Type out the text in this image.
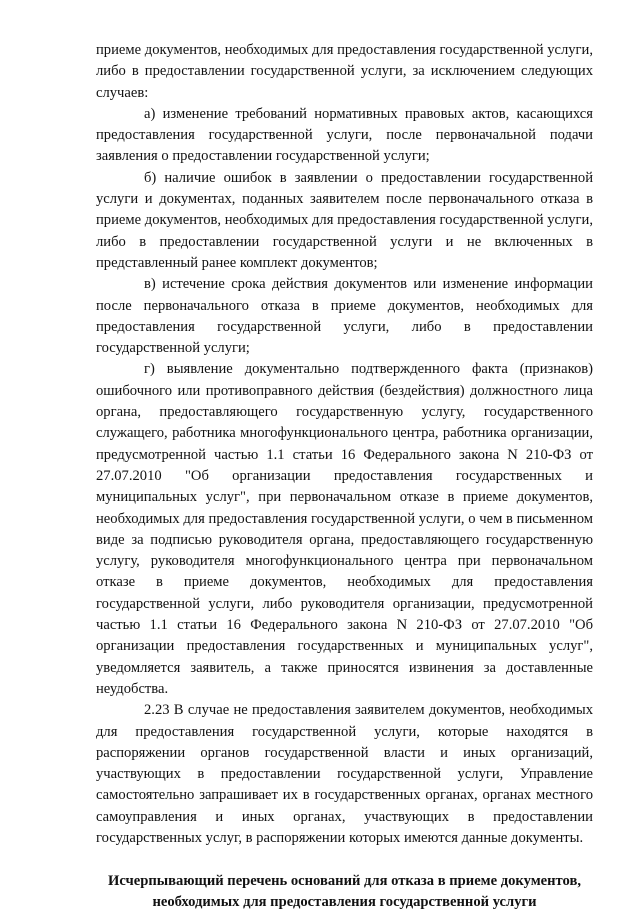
приеме документов, необходимых для предоставления государственной услуги, либо в предоставлении государственной услуги, за исключением следующих случаев:

а) изменение требований нормативных правовых актов, касающихся предоставления государственной услуги, после первоначальной подачи заявления о предоставлении государственной услуги;

б) наличие ошибок в заявлении о предоставлении государственной услуги и документах, поданных заявителем после первоначального отказа в приеме документов, необходимых для предоставления государственной услуги, либо в предоставлении государственной услуги и не включенных в представленный ранее комплект документов;

в) истечение срока действия документов или изменение информации после первоначального отказа в приеме документов, необходимых для предоставления государственной услуги, либо в предоставлении государственной услуги;

г) выявление документально подтвержденного факта (признаков) ошибочного или противоправного действия (бездействия) должностного лица органа, предоставляющего государственную услугу, государственного служащего, работника многофункционального центра, работника организации, предусмотренной частью 1.1 статьи 16 Федерального закона N 210-ФЗ от 27.07.2010 "Об организации предоставления государственных и муниципальных услуг", при первоначальном отказе в приеме документов, необходимых для предоставления государственной услуги, о чем в письменном виде за подписью руководителя органа, предоставляющего государственную услугу, руководителя многофункционального центра при первоначальном отказе в приеме документов, необходимых для предоставления государственной услуги, либо руководителя организации, предусмотренной частью 1.1 статьи 16 Федерального закона N 210-ФЗ от 27.07.2010 "Об организации предоставления государственных и муниципальных услуг", уведомляется заявитель, а также приносятся извинения за доставленные неудобства.

2.23 В случае не предоставления заявителем документов, необходимых для предоставления государственной услуги, которые находятся в распоряжении органов государственной власти и иных организаций, участвующих в предоставлении государственной услуги, Управление самостоятельно запрашивает их в государственных органах, органах местного самоуправления и иных органах, участвующих в предоставлении государственных услуг, в распоряжении которых имеются данные документы.

Исчерпывающий перечень оснований для отказа в приеме документов,
необходимых для предоставления государственной услуги
